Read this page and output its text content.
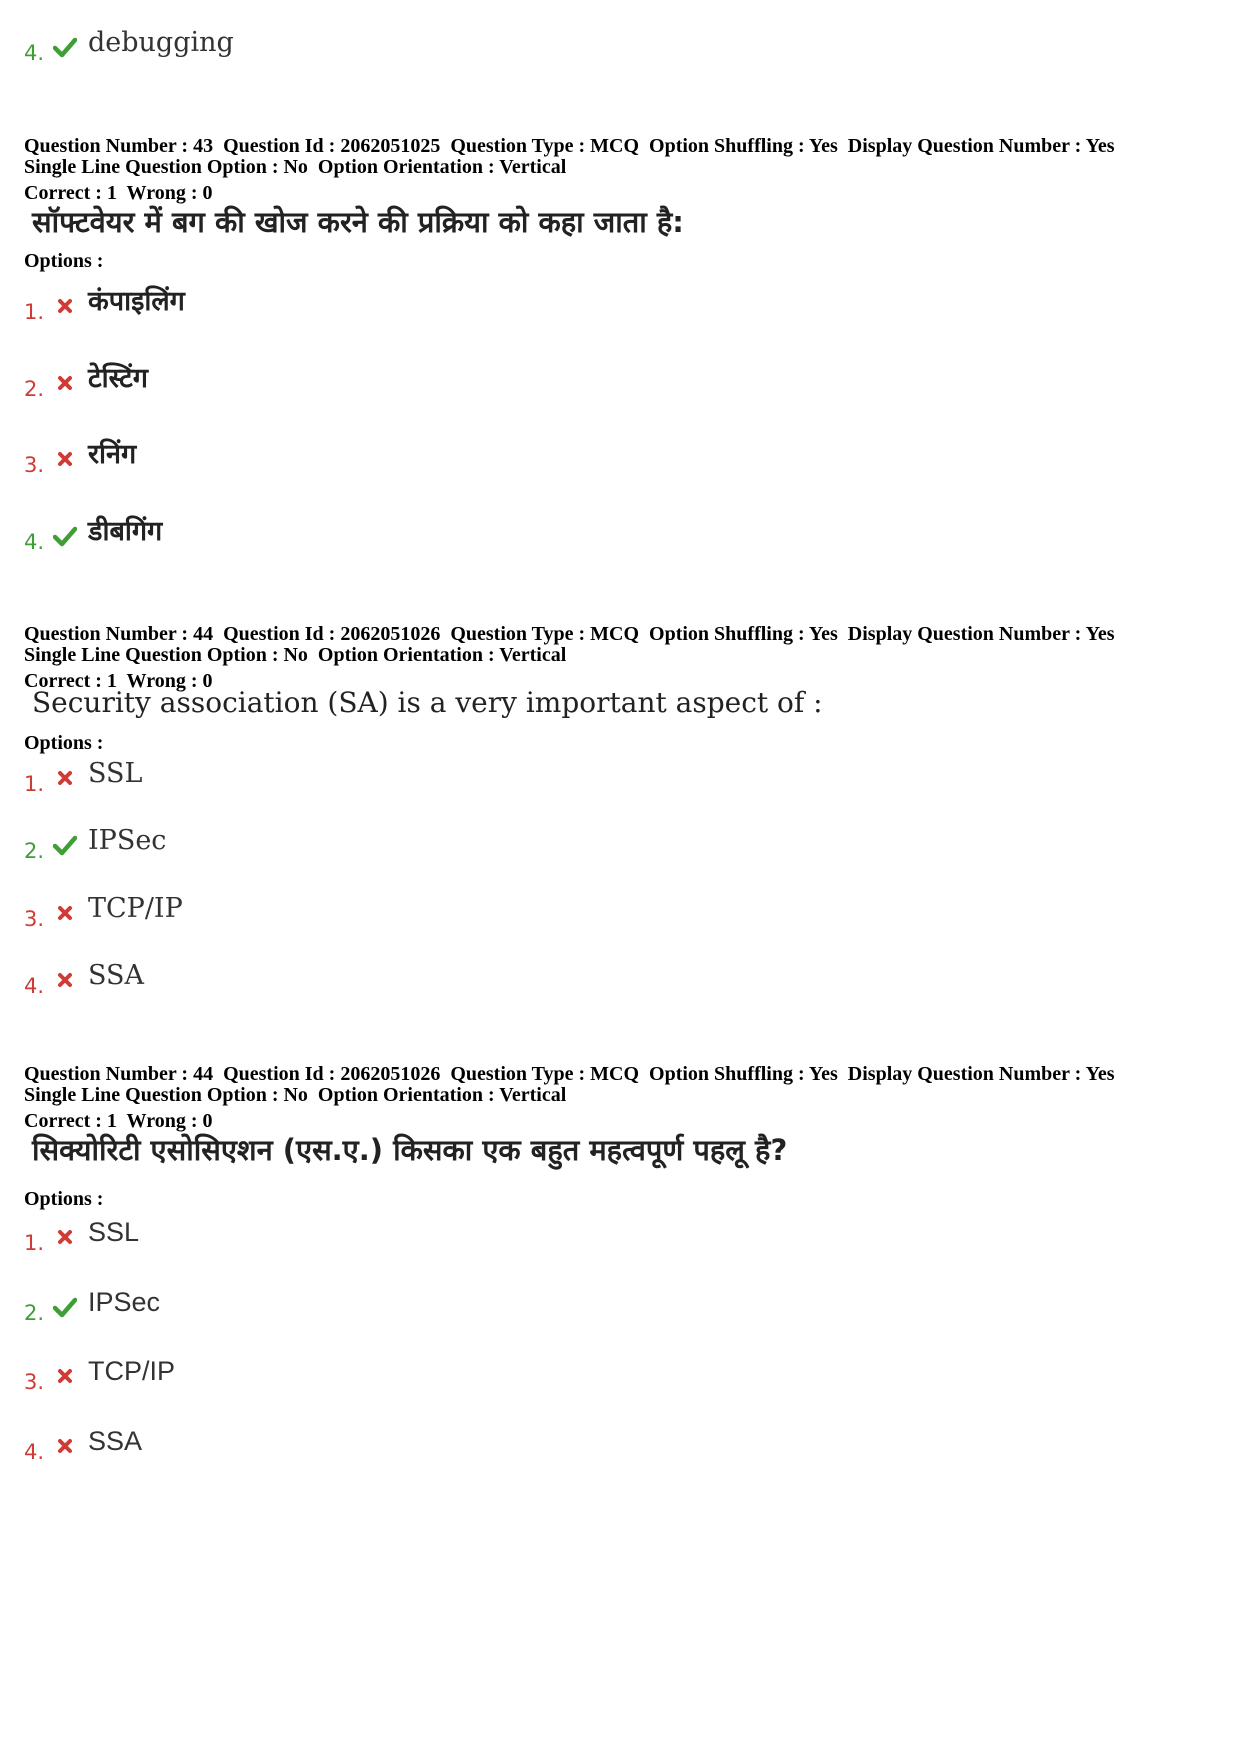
4. debugging
Question Number : 43  Question Id : 2062051025  Question Type : MCQ  Option Shuffling : Yes  Display Question Number : Yes
Single Line Question Option : No  Option Orientation : Vertical
Correct : 1  Wrong : 0
सॉफ्टवेयर में बग की खोज करने की प्रक्रिया को कहा जाता है:
Options :
1. कंपाइलिंग
2. टेस्टिंग
3. रनिंग
4. डीबगिंग
Question Number : 44  Question Id : 2062051026  Question Type : MCQ  Option Shuffling : Yes  Display Question Number : Yes
Single Line Question Option : No  Option Orientation : Vertical
Correct : 1  Wrong : 0
Security association (SA) is a very important aspect of :
Options :
1. SSL
2. IPSec
3. TCP/IP
4. SSA
Question Number : 44  Question Id : 2062051026  Question Type : MCQ  Option Shuffling : Yes  Display Question Number : Yes
Single Line Question Option : No  Option Orientation : Vertical
Correct : 1  Wrong : 0
सिक्योरिटी एसोसिएशन (एस.ए.) किसका एक बहुत महत्वपूर्ण पहलू है?
Options :
1. SSL
2. IPSec
3. TCP/IP
4. SSA
